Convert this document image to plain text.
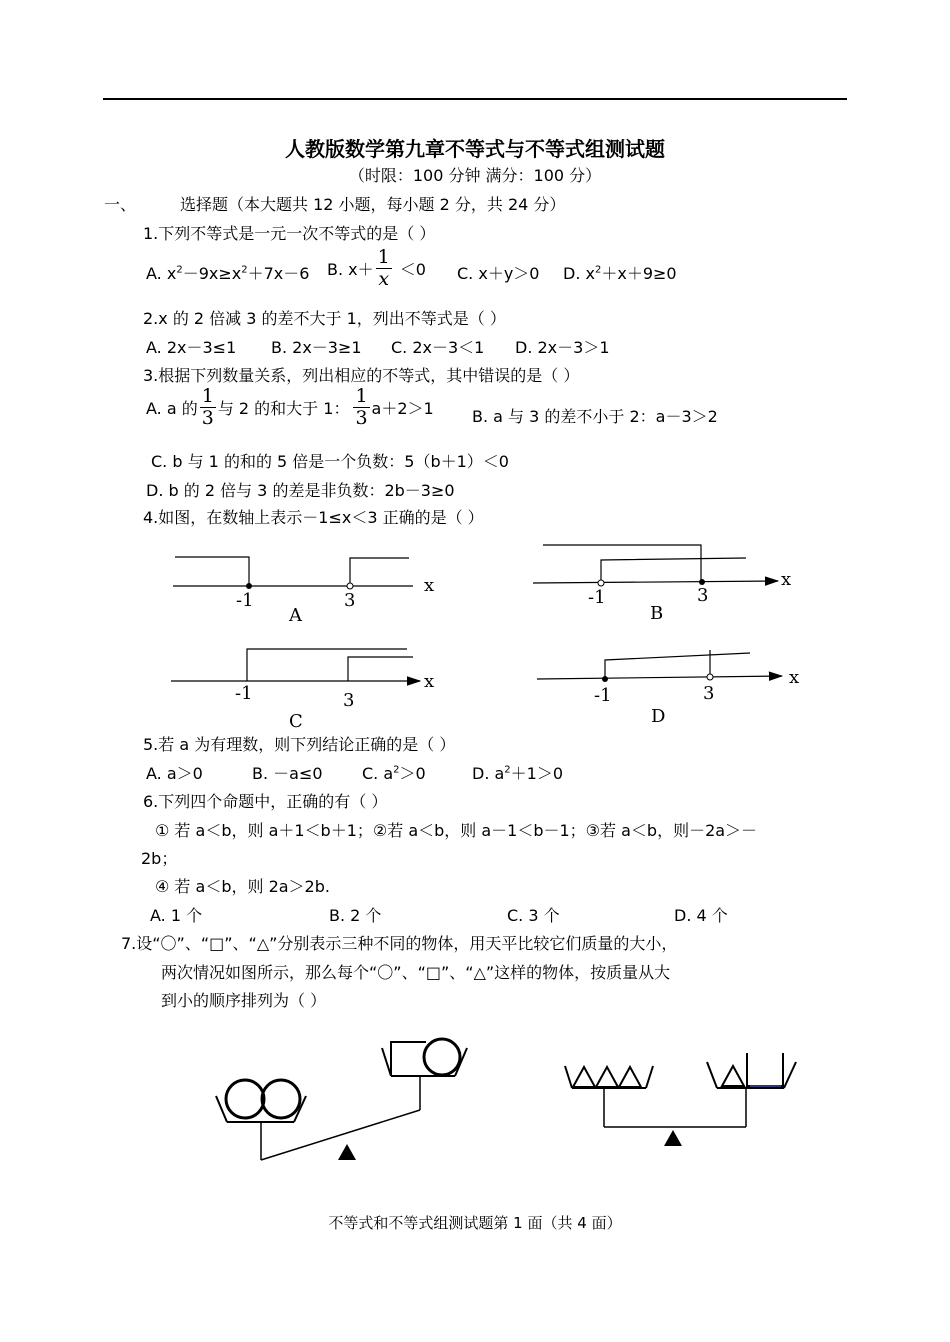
人教版数学第九章不等式与不等式组测试题
（时限：100 分钟 满分：100 分）
一、	选择题（本大题共 12 小题，每小题 2 分，共 24 分）
1.下列不等式是一元一次不等式的是（ ）
A. $x^2-9x\ge x^2+7x-6$ B. $x+ \frac{1}{x} <0$ C. x＋y＞0 D. $x^2+x+9\ge 0$
2.x 的 2 倍减 3 的差不大于 1，列出不等式是（ ）
A. 2x－3≤1 B. 2x－3≥1 C. 2x－3＜1 D. 2x－3＞1
3.根据下列数量关系，列出相应的不等式，其中错误的是（ ）
A. a 的 $\frac{1}{3}$ 与 2 的和大于 1： $\frac{1}{3} a+2>1$ B. a 与 3 的差不小于 2：a－3＞2
C. b 与 1 的和的 5 倍是一个负数：5（b＋1）＜0
D. b 的 2 倍与 3 的差是非负数：2b－3≥0
4.如图，在数轴上表示－1≤x＜3 正确的是（ ）
x
-1	3
A
x
-1	3
B
x
-1	3
C
x
-1	3
D
5.若 a 为有理数，则下列结论正确的是（ ）
A. a＞0	B. －a≤0 C. $a^2>0$	D. $a^2+1>0$
6.下列四个命题中，正确的有（ ）
① 若 a＜b，则 a＋1＜b＋1；②若 a＜b，则 a－1＜b－1；③若 a＜b，则－2a＞－
2b；
④ 若 a＜b，则 2a＞2b.
A. 1 个	B. 2 个	C. 3 个	D. 4 个
7.设“〇”、“□”、“△”分别表示三种不同的物体，用天平比较它们质量的大小，
两次情况如图所示，那么每个“〇”、“□”、“△”这样的物体，按质量从大
到小的顺序排列为（ ）
不等式和不等式组测试题第 1 面（共 4 面）
